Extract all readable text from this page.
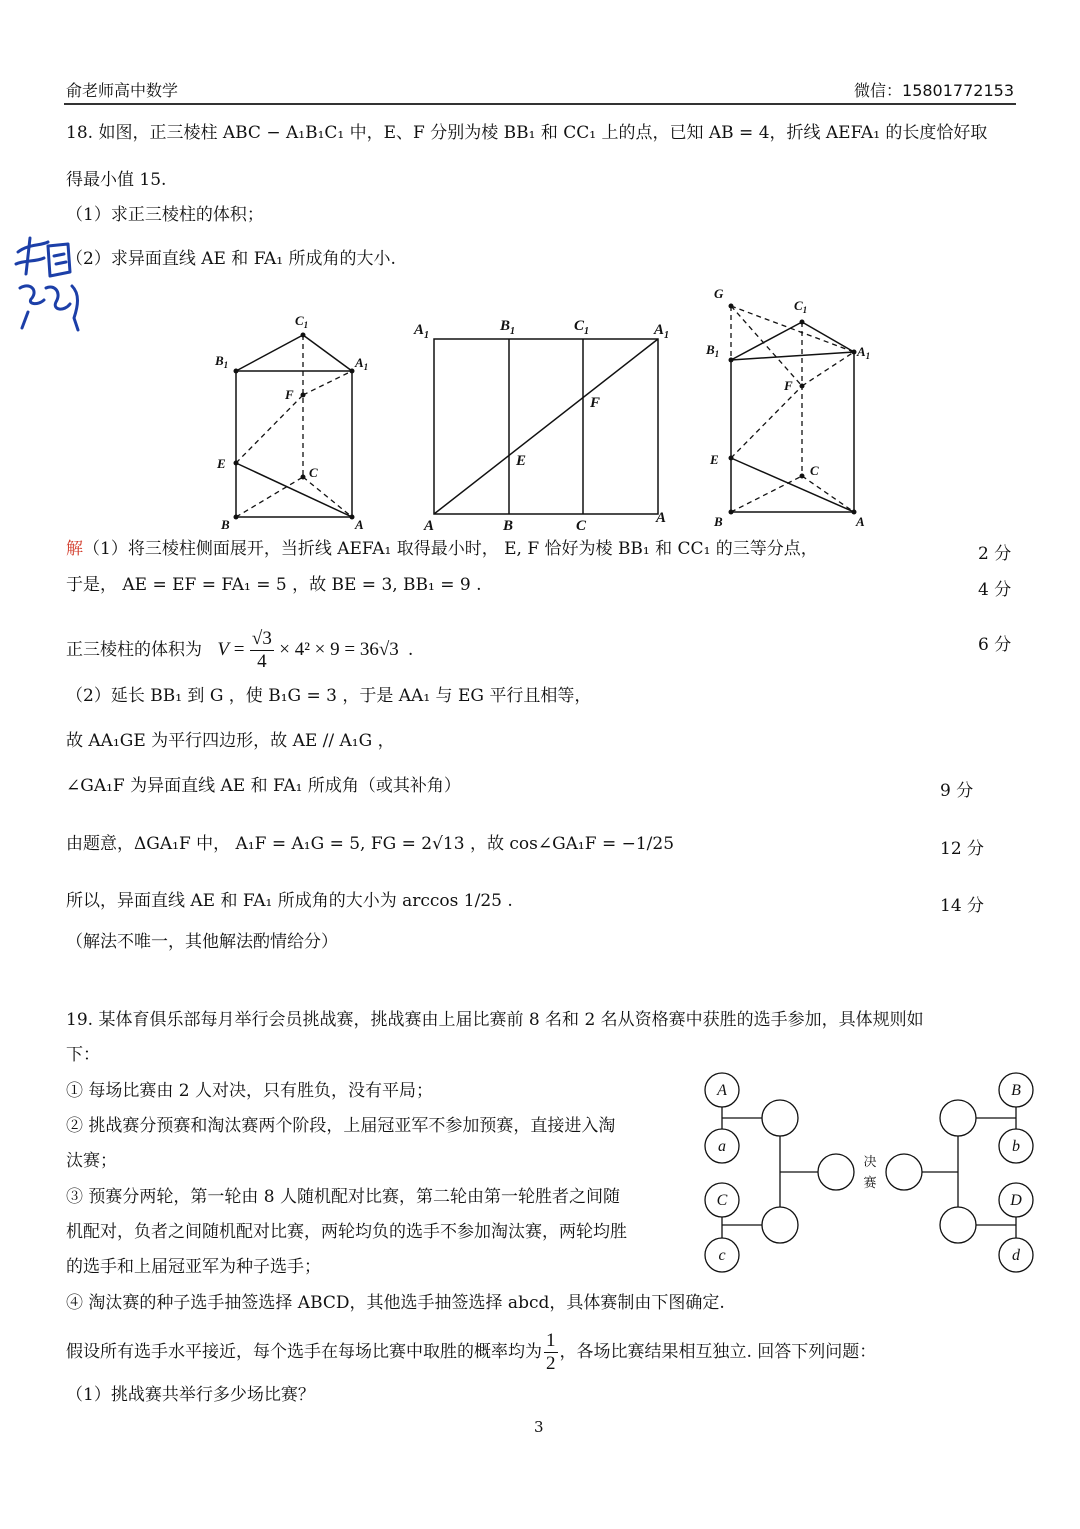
俞老师高中数学	微信：15801772153
18. 如图，正三棱柱 ABC − A₁B₁C₁ 中，E、F 分别为棱 BB₁ 和 CC₁ 上的点，已知 AB = 4，折线 AEFA₁ 的长度恰好取
得最小值 15.
（1）求正三棱柱的体积；
（2）求异面直线 AE 和 FA₁ 所成角的大小.
$C_1$
$B_1$	$A_1$
F
E
C
B	A
$A_1$
$B_1$	$C_1$	$A_1$
F
E
A	B	C	A
G
$C_1$
$B_1$	$A_1$
F
E
C
B	A
解（1）将三棱柱侧面展开，当折线 AEFA₁ 取得最小时， E, F 恰好为棱 BB₁ 和 CC₁ 的三等分点，	2 分
于是， AE = EF = FA₁ = 5 ，故 BE = 3, BB₁ = 9 .	4 分
正三棱柱的体积为 $V = \frac{√3}{4} \times 4^2 \times 9 = 36√3$  .	6 分
（2）延长 BB₁ 到 G ，使 B₁G = 3 ，于是 AA₁ 与 EG 平行且相等，
故 AA₁GE 为平行四边形，故 AE // A₁G ，
∠GA₁F 为异面直线 AE 和 FA₁ 所成角（或其补角）	9 分
由题意，ΔGA₁F 中， A₁F = A₁G = 5, FG = 2√13 ，故 cos∠GA₁F = −1/25	12 分
所以，异面直线 AE 和 FA₁ 所成角的大小为 arccos 1/25 .	14 分
（解法不唯一，其他解法酌情给分）
19. 某体育俱乐部每月举行会员挑战赛，挑战赛由上届比赛前 8 名和 2 名从资格赛中获胜的选手参加，具体规则如
下：
① 每场比赛由 2 人对决，只有胜负，没有平局；
② 挑战赛分预赛和淘汰赛两个阶段，上届冠亚军不参加预赛，直接进入淘
汰赛；
③ 预赛分两轮，第一轮由 8 人随机配对比赛，第二轮由第一轮胜者之间随
机配对，负者之间随机配对比赛，两轮均负的选手不参加淘汰赛，两轮均胜
的选手和上届冠亚军为种子选手；
④ 淘汰赛的种子选手抽签选择 ABCD，其他选手抽签选择 abcd，具体赛制由下图确定.
假设所有选手水平接近，每个选手在每场比赛中取胜的概率均为 $\frac{1}{2}$ ，各场比赛结果相互独立. 回答下列问题：
（1）挑战赛共举行多少场比赛？
A
a
C
c
B
b
D
d
决
赛
3
